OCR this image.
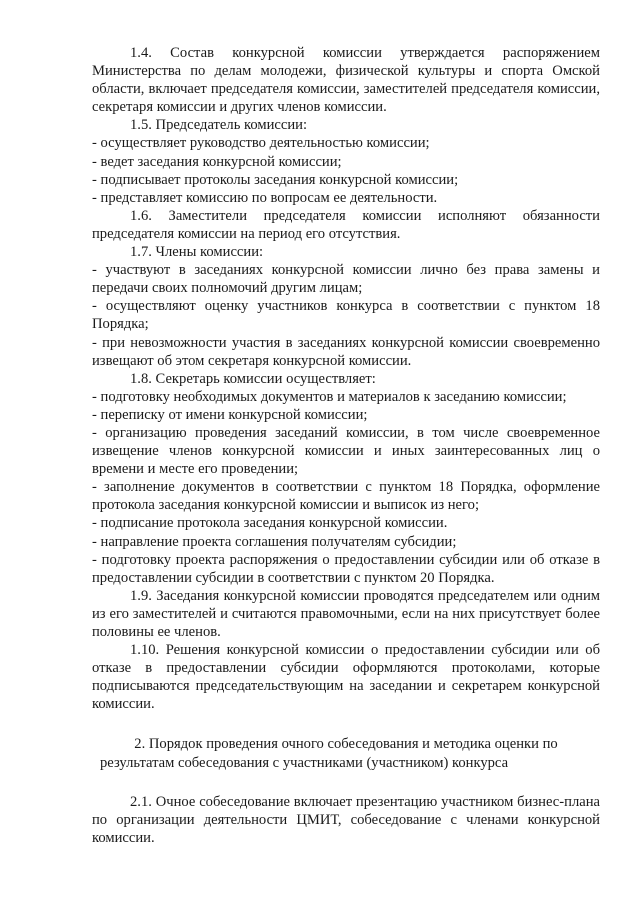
1.4. Состав конкурсной комиссии утверждается распоряжением Министерства по делам молодежи, физической культуры и спорта Омской области, включает председателя комиссии, заместителей председателя комиссии, секретаря комиссии и других членов комиссии.

1.5. Председатель комиссии:

- осуществляет руководство деятельностью комиссии;

- ведет заседания конкурсной комиссии;

- подписывает протоколы заседания конкурсной комиссии;

- представляет комиссию по вопросам ее деятельности.

1.6. Заместители председателя комиссии исполняют обязанности председателя комиссии на период его отсутствия.

1.7. Члены комиссии:

- участвуют в заседаниях конкурсной комиссии лично без права замены и передачи своих полномочий другим лицам;

- осуществляют оценку участников конкурса в соответствии с пунктом 18 Порядка;

- при невозможности участия в заседаниях конкурсной комиссии своевременно извещают об этом секретаря конкурсной комиссии.

1.8. Секретарь комиссии осуществляет:

- подготовку необходимых документов и материалов к заседанию комиссии;

- переписку от имени конкурсной комиссии;

- организацию проведения заседаний комиссии, в том числе своевременное извещение членов конкурсной комиссии и иных заинтересованных лиц о времени и месте его проведении;

- заполнение документов в соответствии с пунктом 18 Порядка, оформление протокола заседания конкурсной комиссии и выписок из него;

- подписание протокола заседания конкурсной комиссии.

- направление проекта соглашения получателям субсидии;

- подготовку проекта распоряжения о предоставлении субсидии или об отказе в предоставлении субсидии в соответствии с пунктом 20 Порядка.

1.9. Заседания конкурсной комиссии проводятся председателем или одним из его заместителей и считаются правомочными, если на них присутствует более половины ее членов.

1.10. Решения конкурсной комиссии о предоставлении субсидии или об отказе в предоставлении субсидии оформляются протоколами, которые подписываются председательствующим на заседании и секретарем конкурсной комиссии.

2. Порядок проведения очного собеседования и методика оценки по результатам собеседования с участниками (участником) конкурса

2.1. Очное собеседование включает презентацию участником бизнес-плана по организации деятельности ЦМИТ, собеседование с членами конкурсной комиссии.
